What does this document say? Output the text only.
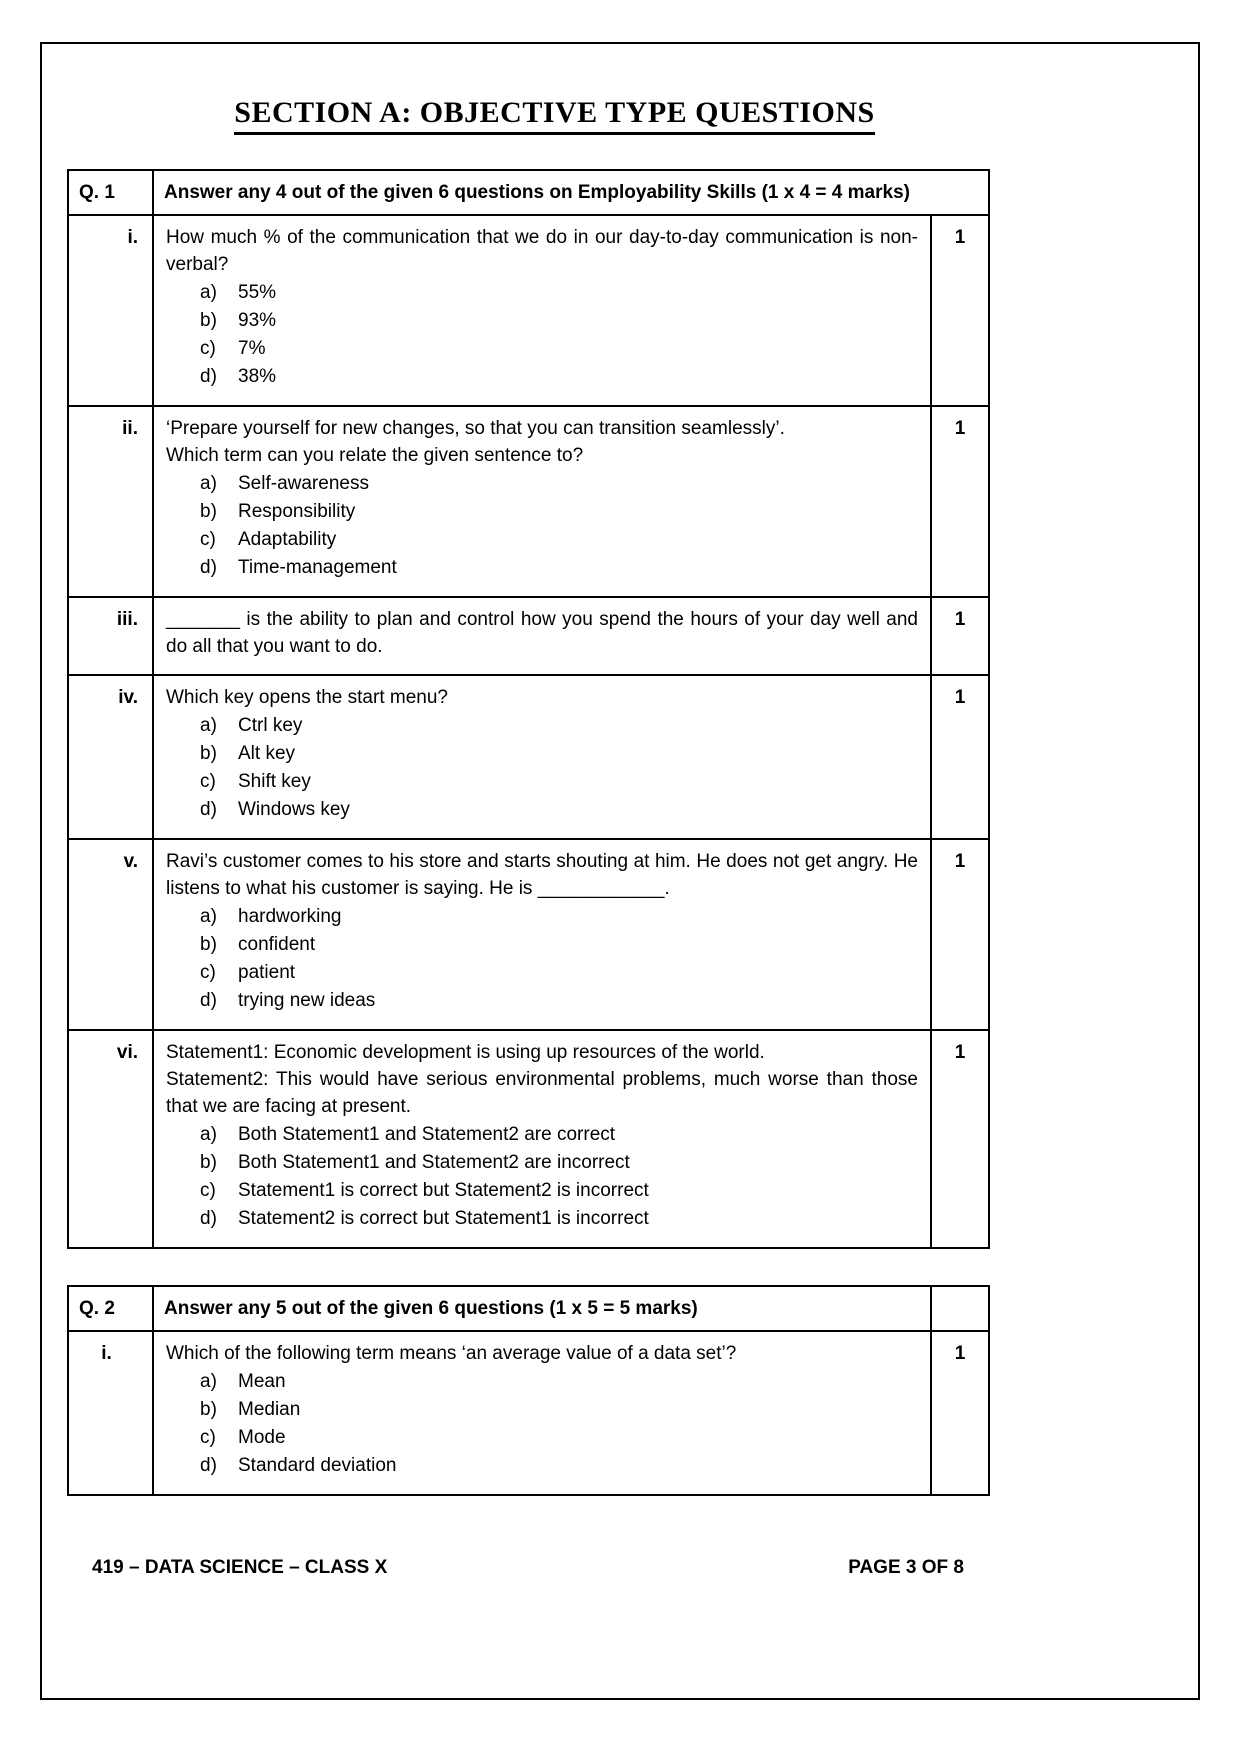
SECTION A: OBJECTIVE TYPE QUESTIONS
Q. 1	Answer any 4 out of the given 6 questions on Employability Skills (1 x 4 = 4 marks)	
i.	How much % of the communication that we do in our day-to-day communication is non-verbal?
a)	55%
b)	93%
c)	7%
d)	38%
	1
ii.	‘Prepare yourself for new changes, so that you can transition seamlessly’.
Which term can you relate the given sentence to?
a)	Self-awareness
b)	Responsibility
c)	Adaptability
d)	Time-management
	1
iii.	_______ is the ability to plan and control how you spend the hours of your day well and do all that you want to do.	1
iv.	Which key opens the start menu?
a)	Ctrl key
b)	Alt key
c)	Shift key
d)	Windows key
	1
v.	Ravi’s customer comes to his store and starts shouting at him. He does not get angry. He listens to what his customer is saying. He is ____________.
a)	hardworking
b)	confident
c)	patient
d)	trying new ideas
	1
vi.	Statement1: Economic development is using up resources of the world.
Statement2: This would have serious environmental problems, much worse than those that we are facing at present.
a)	Both Statement1 and Statement2 are correct
b)	Both Statement1 and Statement2 are incorrect
c)	Statement1 is correct but Statement2 is incorrect
d)	Statement2 is correct but Statement1 is incorrect
	1
Q. 2	Answer any 5 out of the given 6 questions (1 x 5 = 5 marks)	
i.	Which of the following term means ‘an average value of a data set’?
a)	Mean
b)	Median
c)	Mode
d)	Standard deviation
	1
419 – DATA SCIENCE – CLASS X	PAGE 3 OF 8
